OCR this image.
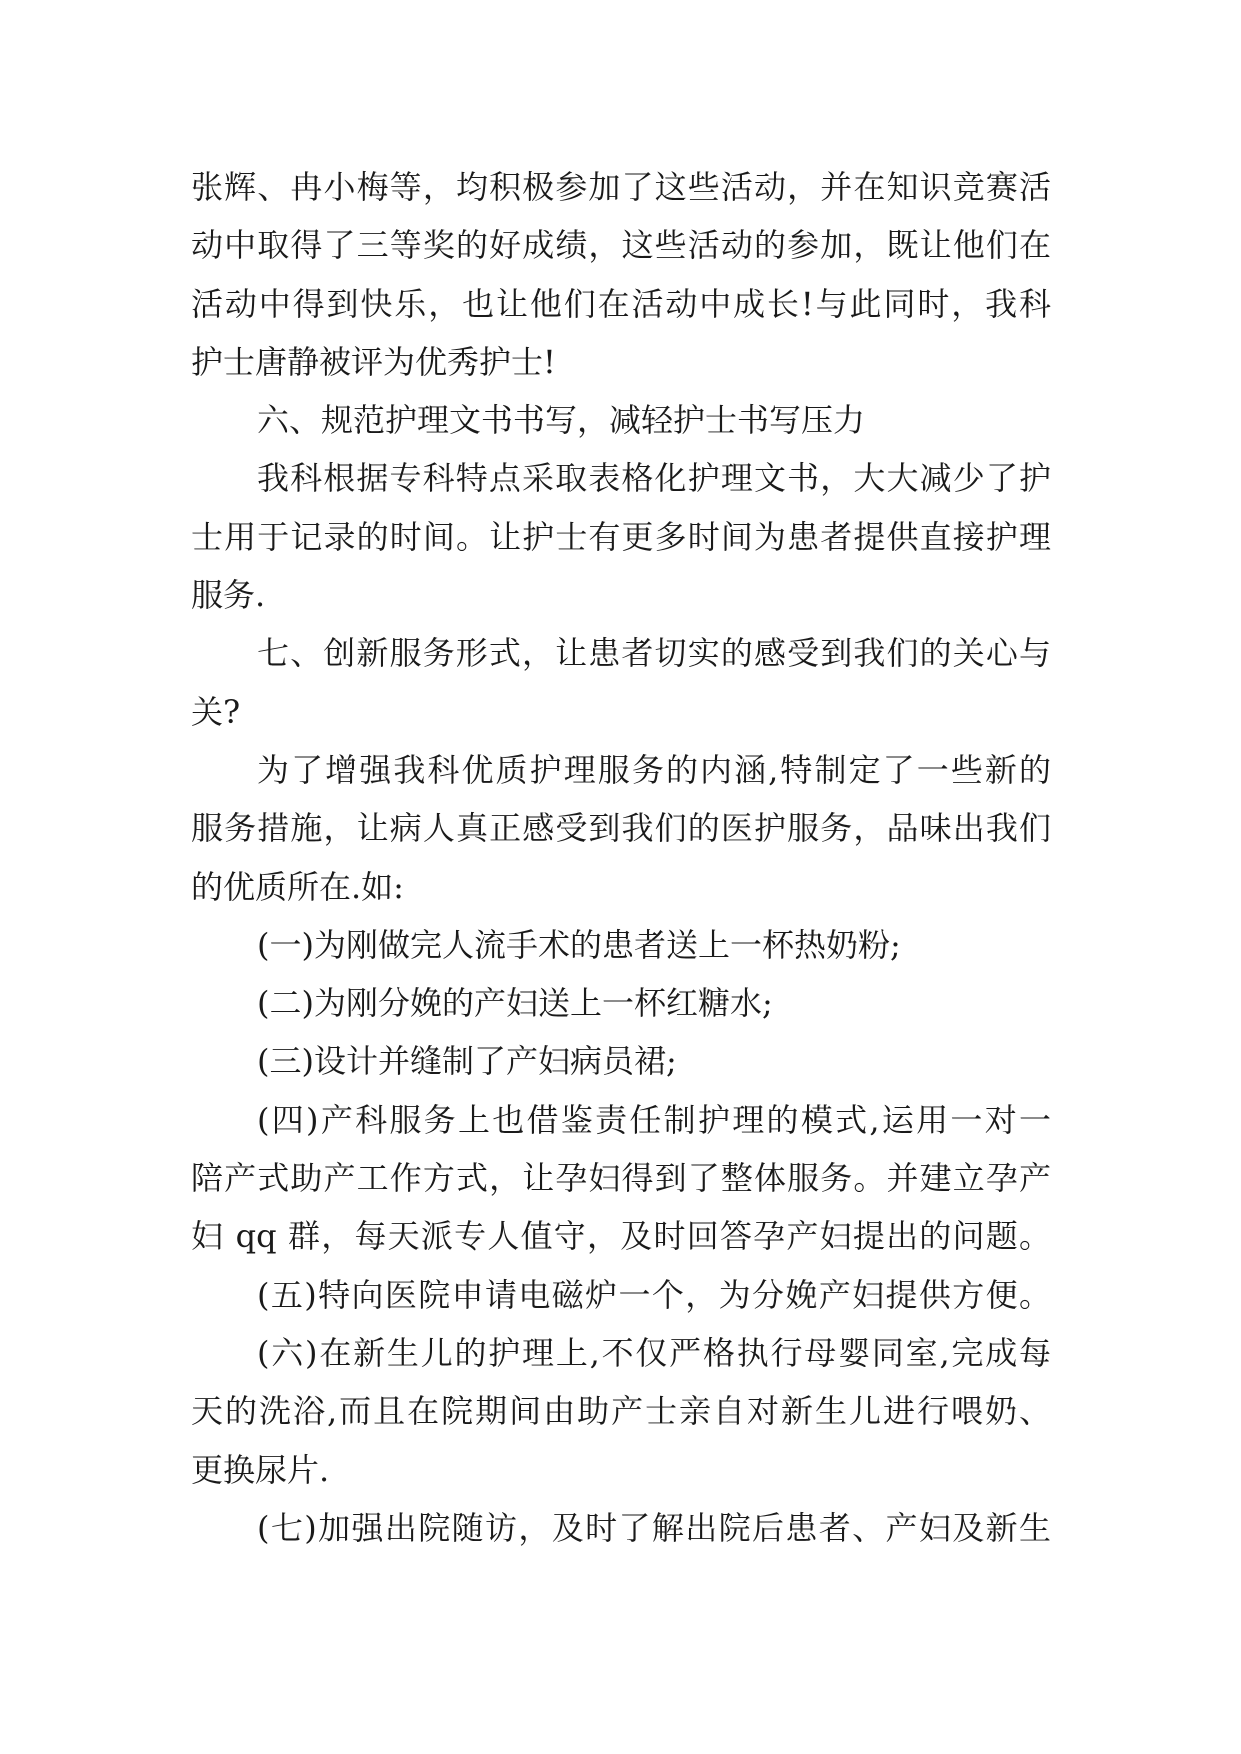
张辉、冉小梅等，均积极参加了这些活动，并在知识竞赛活
动中取得了三等奖的好成绩，这些活动的参加，既让他们在
活动中得到快乐，也让他们在活动中成长!与此同时，我科
护士唐静被评为优秀护士!
六、规范护理文书书写，减轻护士书写压力
我科根据专科特点采取表格化护理文书，大大减少了护
士用于记录的时间。让护士有更多时间为患者提供直接护理
服务.
七、创新服务形式，让患者切实的感受到我们的关心与
关?
为了增强我科优质护理服务的内涵,特制定了一些新的
服务措施，让病人真正感受到我们的医护服务，品味出我们
的优质所在.如:
(一)为刚做完人流手术的患者送上一杯热奶粉;
(二)为刚分娩的产妇送上一杯红糖水;
(三)设计并缝制了产妇病员裙;
(四)产科服务上也借鉴责任制护理的模式,运用一对一
陪产式助产工作方式，让孕妇得到了整体服务。并建立孕产
妇 qq 群，每天派专人值守，及时回答孕产妇提出的问题。
(五)特向医院申请电磁炉一个，为分娩产妇提供方便。
(六)在新生儿的护理上,不仅严格执行母婴同室,完成每
天的洗浴,而且在院期间由助产士亲自对新生儿进行喂奶、
更换尿片.
(七)加强出院随访，及时了解出院后患者、产妇及新生
